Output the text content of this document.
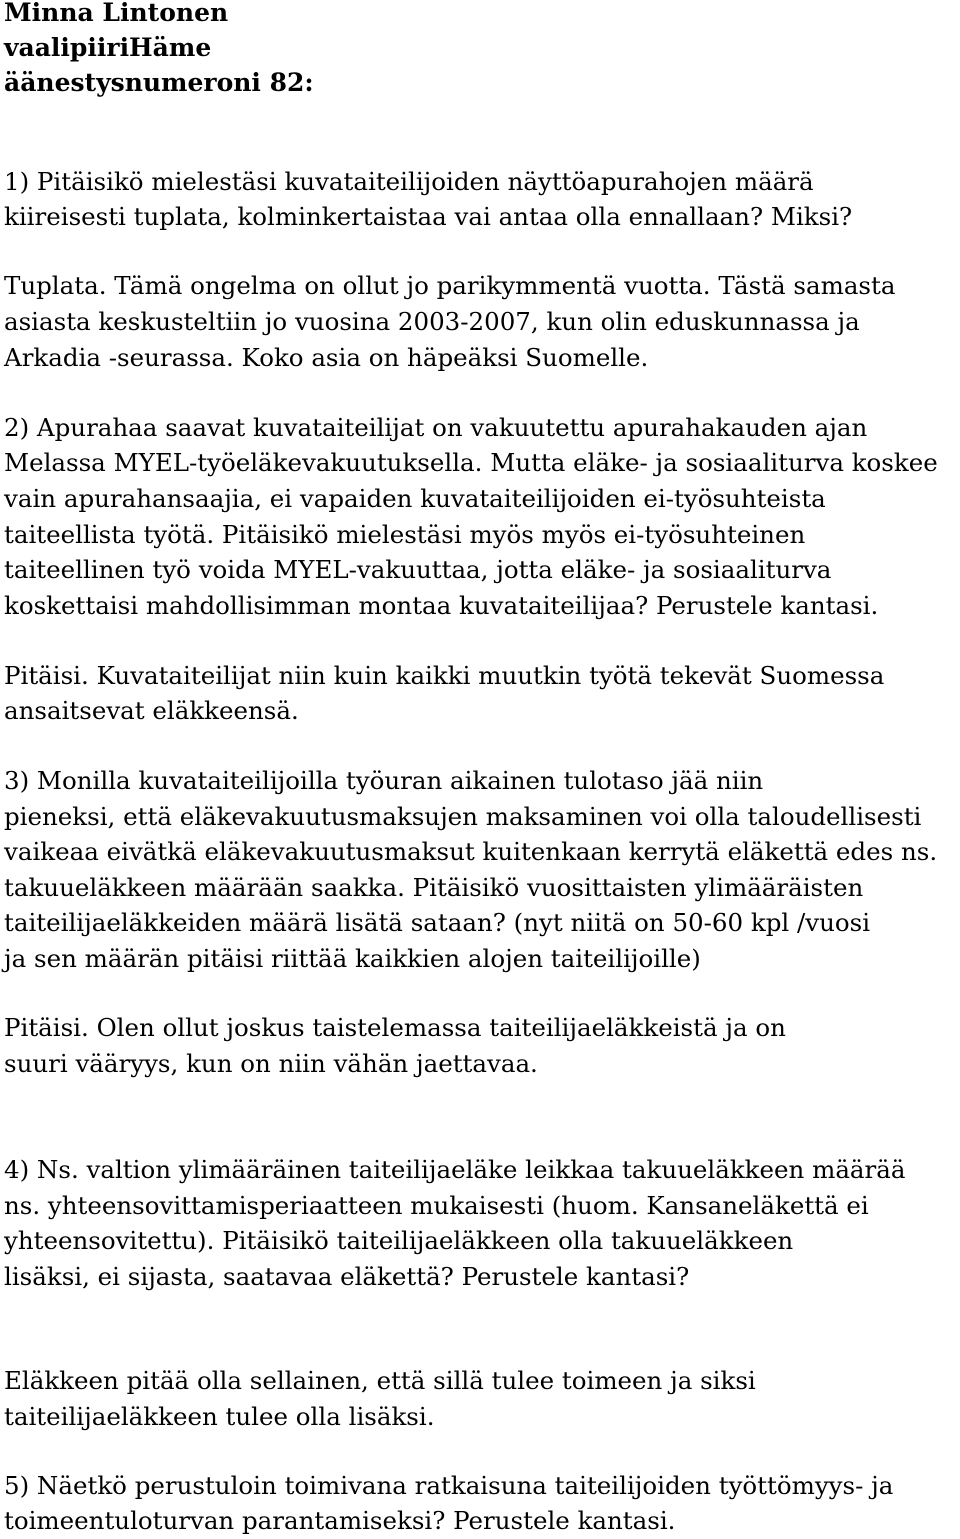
Minna Lintonen
vaalipiiriHäme
äänestysnumeroni 82:
1) Pitäisikö mielestäsi kuvataiteilijoiden näyttöapurahojen määrä
kiireisesti tuplata, kolminkertaistaa vai antaa olla ennallaan? Miksi?
Tuplata. Tämä ongelma on ollut jo parikymmentä vuotta. Tästä samasta
asiasta keskusteltiin jo vuosina 2003-2007, kun olin eduskunnassa ja
Arkadia -seurassa. Koko asia on häpeäksi Suomelle.
2) Apurahaa saavat kuvataiteilijat on vakuutettu apurahakauden ajan
Melassa MYEL-työeläkevakuutuksella. Mutta eläke- ja sosiaaliturva koskee
vain apurahansaajia, ei vapaiden kuvataiteilijoiden ei-työsuhteista
taiteellista työtä. Pitäisikö mielestäsi myös myös ei-työsuhteinen
taiteellinen työ voida MYEL-vakuuttaa, jotta eläke- ja sosiaaliturva
koskettaisi mahdollisimman montaa kuvataiteilijaa? Perustele kantasi.
Pitäisi. Kuvataiteilijat niin kuin kaikki muutkin työtä tekevät Suomessa
ansaitsevat eläkkeensä.
3) Monilla kuvataiteilijoilla työuran aikainen tulotaso jää niin
pieneksi, että eläkevakuutusmaksujen maksaminen voi olla taloudellisesti
vaikeaa eivätkä eläkevakuutusmaksut kuitenkaan kerrytä eläkettä edes ns.
takuueläkkeen määrään saakka. Pitäisikö vuosittaisten ylimääräisten
taiteilijaeläkkeiden määrä lisätä sataan? (nyt niitä on 50-60 kpl /vuosi
ja sen määrän pitäisi riittää kaikkien alojen taiteilijoille)
Pitäisi. Olen ollut joskus taistelemassa taiteilijaeläkkeistä ja on
suuri vääryys, kun on niin vähän jaettavaa.
4) Ns. valtion ylimääräinen taiteilijaeläke leikkaa takuueläkkeen määrää
ns. yhteensovittamisperiaatteen mukaisesti (huom. Kansaneläkettä ei
yhteensovitettu). Pitäisikö taiteilijaeläkkeen olla takuueläkkeen
lisäksi, ei sijasta, saatavaa eläkettä? Perustele kantasi?
Eläkkeen pitää olla sellainen, että sillä tulee toimeen ja siksi
taiteilijaeläkkeen tulee olla lisäksi.
5) Näetkö perustuloin toimivana ratkaisuna taiteilijoiden työttömyys- ja
toimeentuloturvan parantamiseksi? Perustele kantasi.
